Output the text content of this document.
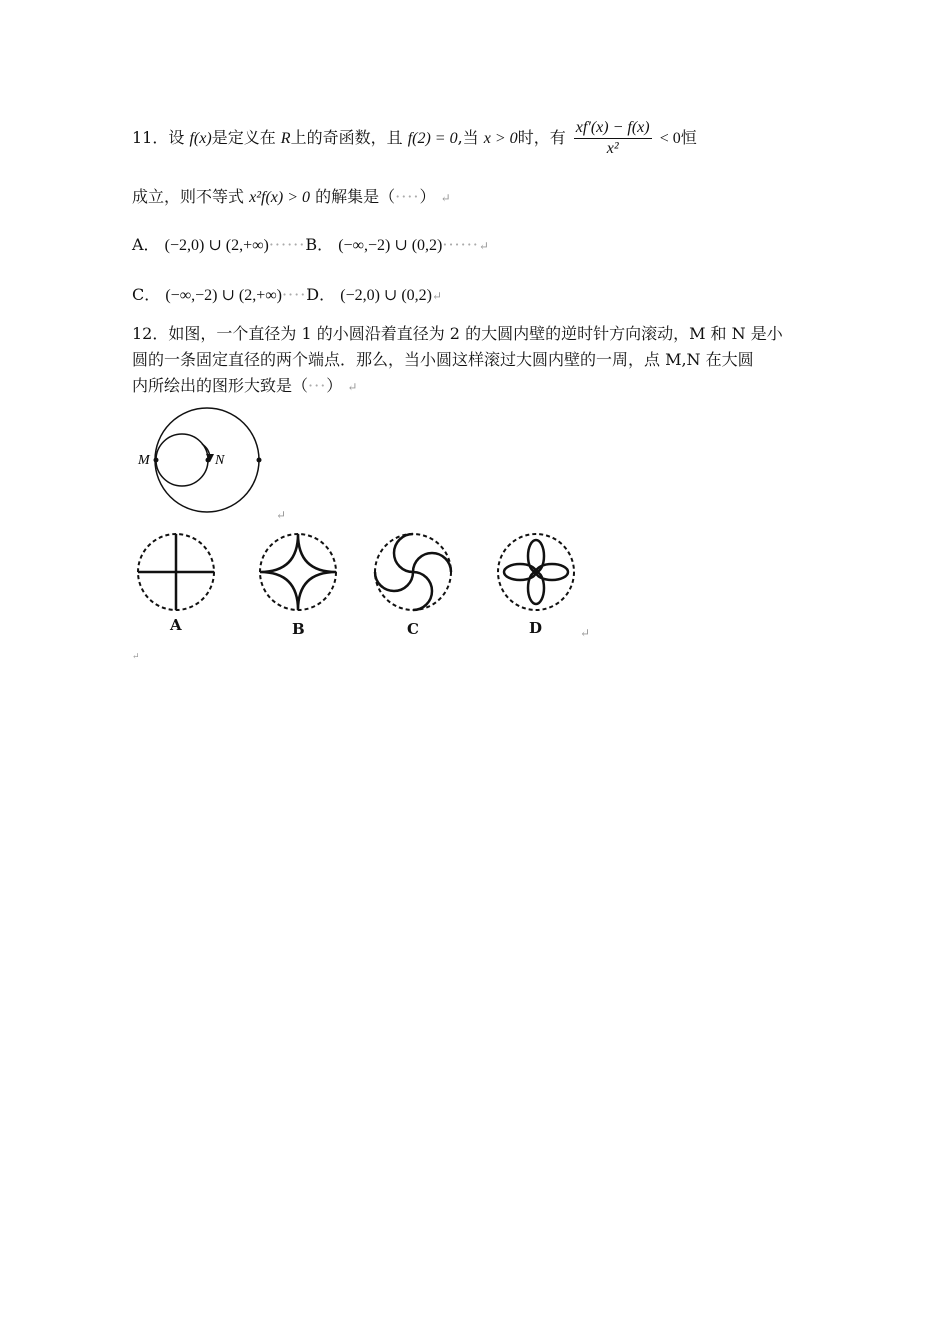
11．设 f(x)是定义在 R上的奇函数，且 f(2) = 0,当 x > 0时，有 $\frac{xf'(x) - f(x)}{\text{x²}} < 0$恒
成立，则不等式 x²f(x) > 0 的解集是（····） ↵
A． (−2,0) ∪ (2,+∞)······B． (−∞,−2) ∪ (0,2)······↵
C． (−∞,−2) ∪ (2,+∞)····D． (−2,0) ∪ (0,2)↵
12．如图，一个直径为 1 的小圆沿着直径为 2 的大圆内壁的逆时针方向滚动，M 和 N 是小
圆的一条固定直径的两个端点．那么，当小圆这样滚过大圆内壁的一周，点 M,N 在大圆
内所绘出的图形大致是（···） ↵
M	N
↵
A	B	C	D	↵
↵
